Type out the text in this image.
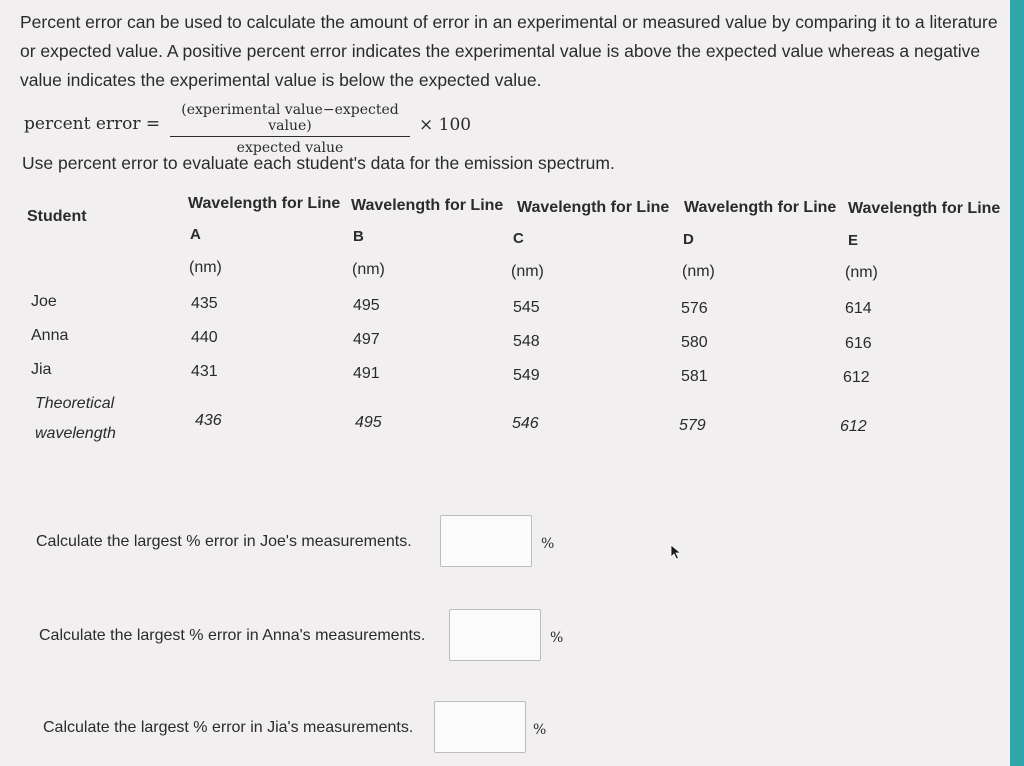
Percent error can be used to calculate the amount of error in an experimental or measured value by comparing it to a literature or expected value. A positive percent error indicates the experimental value is above the expected value whereas a negative value indicates the experimental value is below the expected value.
percent error =
(experimental value−expected value)
expected value
× 100
Use percent error to evaluate each student's data for the emission spectrum.
Student
Wavelength for Line Wavelength for Line Wavelength for Line Wavelength for Line Wavelength for Line
A	B	C	D	E
(nm)	(nm)	(nm)	(nm)	(nm)
Joe	435	495	545	576	614
Anna	440	497	548	580	616
Jia	431	491	549	581	612
Theoretical
wavelength
436	495	546	579	612
Calculate the largest % error in Joe's measurements.	%
Calculate the largest % error in Anna's measurements.	%
Calculate the largest % error in Jia's measurements.	%
